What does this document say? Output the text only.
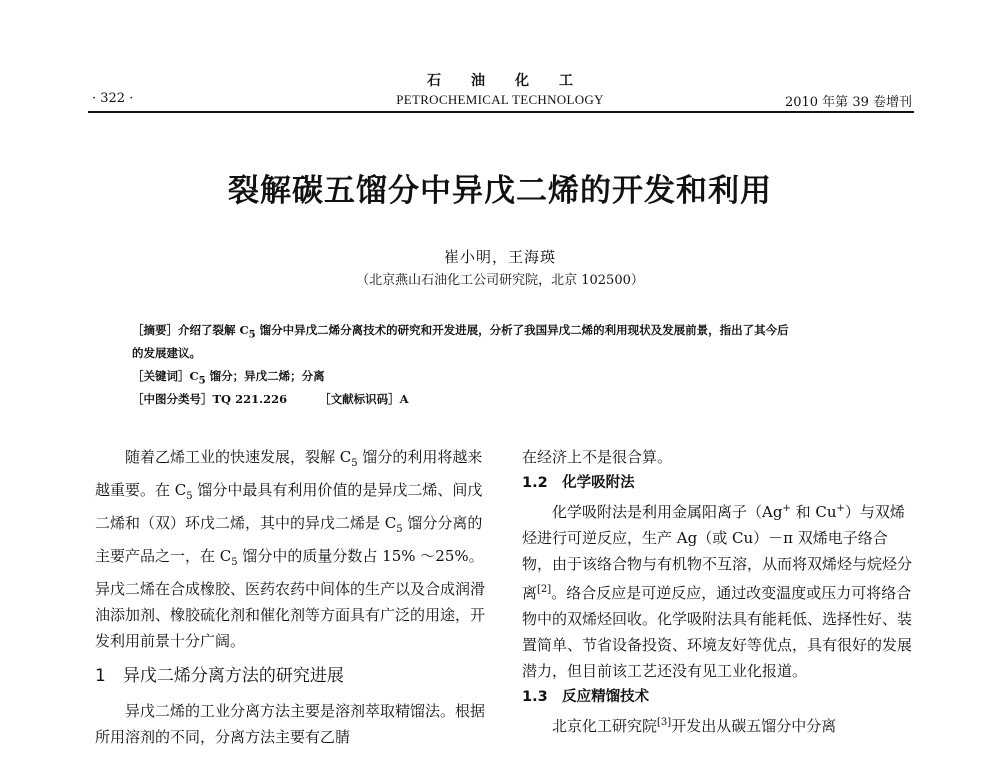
石油化工
· 322 ·	PETROCHEMICAL TECHNOLOGY	2010 年第 39 卷增刊
裂解碳五馏分中异戊二烯的开发和利用
崔小明，王海瑛
（北京燕山石油化工公司研究院，北京 102500）
［摘要］介绍了裂解 $C_5$ 馏分中异戊二烯分离技术的研究和开发进展，分析了我国异戊二烯的利用现状及发展前景，指出了其今后
的发展建议。
［关键词$]C_5$ 馏分；异戊二烯；分离
［中图分类号］TQ 221.226	［文献标识码］A

随着乙烯工业的快速发展，裂解 $C_5$ 馏分的利用将越来越重要。在 $C_5$ 馏分中最具有利用价值的是异戊二烯、间戊二烯和（双）环戊二烯，其中的异戊二烯是 $C_5$ 馏分分离的主要产品之一，在 $C_5$ 馏分中的质量分数占 15% ～25%。异戊二烯在合成橡胶、医药农药中间体的生产以及合成润滑油添加剂、橡胶硫化剂和催化剂等方面具有广泛的用途，开发利用前景十分广阔。

1　异戊二烯分离方法的研究进展

异戊二烯的工业分离方法主要是溶剂萃取精馏法。根据所用溶剂的不同，分离方法主要有乙腈

在经济上不是很合算。

1.2　化学吸附法

化学吸附法是利用金属阳离子（Ag+ 和 Cu+）与双烯烃进行可逆反应，生产 Ag（或 Cu）－π 双烯电子络合物，由于该络合物与有机物不互溶，从而将双烯烃与烷烃分离[2]。络合反应是可逆反应，通过改变温度或压力可将络合物中的双烯烃回收。化学吸附法具有能耗低、选择性好、装置简单、节省设备投资、环境友好等优点，具有很好的发展潜力，但目前该工艺还没有见工业化报道。

1.3　反应精馏技术

北京化工研究院[3]开发出从碳五馏分中分离
